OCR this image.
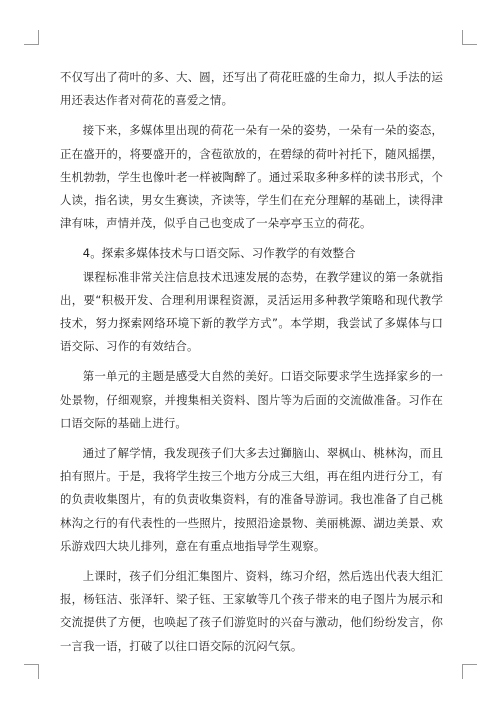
不仅写出了荷叶的多、大、圆，还写出了荷花旺盛的生命力，拟人手法的运用还表达作者对荷花的喜爱之情。

接下来，多媒体里出现的荷花一朵有一朵的姿势，一朵有一朵的姿态，正在盛开的，将要盛开的，含苞欲放的，在碧绿的荷叶衬托下，随风摇摆，生机勃勃，学生也像叶老一样被陶醉了。通过采取多种多样的读书形式，个人读，指名读，男女生赛读，齐读等，学生们在充分理解的基础上，读得津津有味，声情并茂，似乎自己也变成了一朵亭亭玉立的荷花。

4。探索多媒体技术与口语交际、习作教学的有效整合

课程标准非常关注信息技术迅速发展的态势，在教学建议的第一条就指出，要“积极开发、合理利用课程资源，灵活运用多种教学策略和现代教学技术，努力探索网络环境下新的教学方式”。本学期，我尝试了多媒体与口语交际、习作的有效结合。

第一单元的主题是感受大自然的美好。口语交际要求学生选择家乡的一处景物，仔细观察，并搜集相关资料、图片等为后面的交流做准备。习作在口语交际的基础上进行。

通过了解学情，我发现孩子们大多去过獅脑山、翠枫山、桃林沟，而且拍有照片。于是，我将学生按三个地方分成三大组，再在组内进行分工，有的负责收集图片，有的负责收集资料，有的准备导游词。我也准备了自己桃林沟之行的有代表性的一些照片，按照沿途景物、美丽桃源、湖边美景、欢乐游戏四大块儿排列，意在有重点地指导学生观察。

上课时，孩子们分组汇集图片、资料，练习介绍，然后选出代表大组汇报，杨钰洁、张泽轩、梁子钰、王家敏等几个孩子带来的电子图片为展示和交流提供了方便，也唤起了孩子们游览时的兴奋与激动，他们纷纷发言，你一言我一语，打破了以往口语交际的沉闷气氛。
